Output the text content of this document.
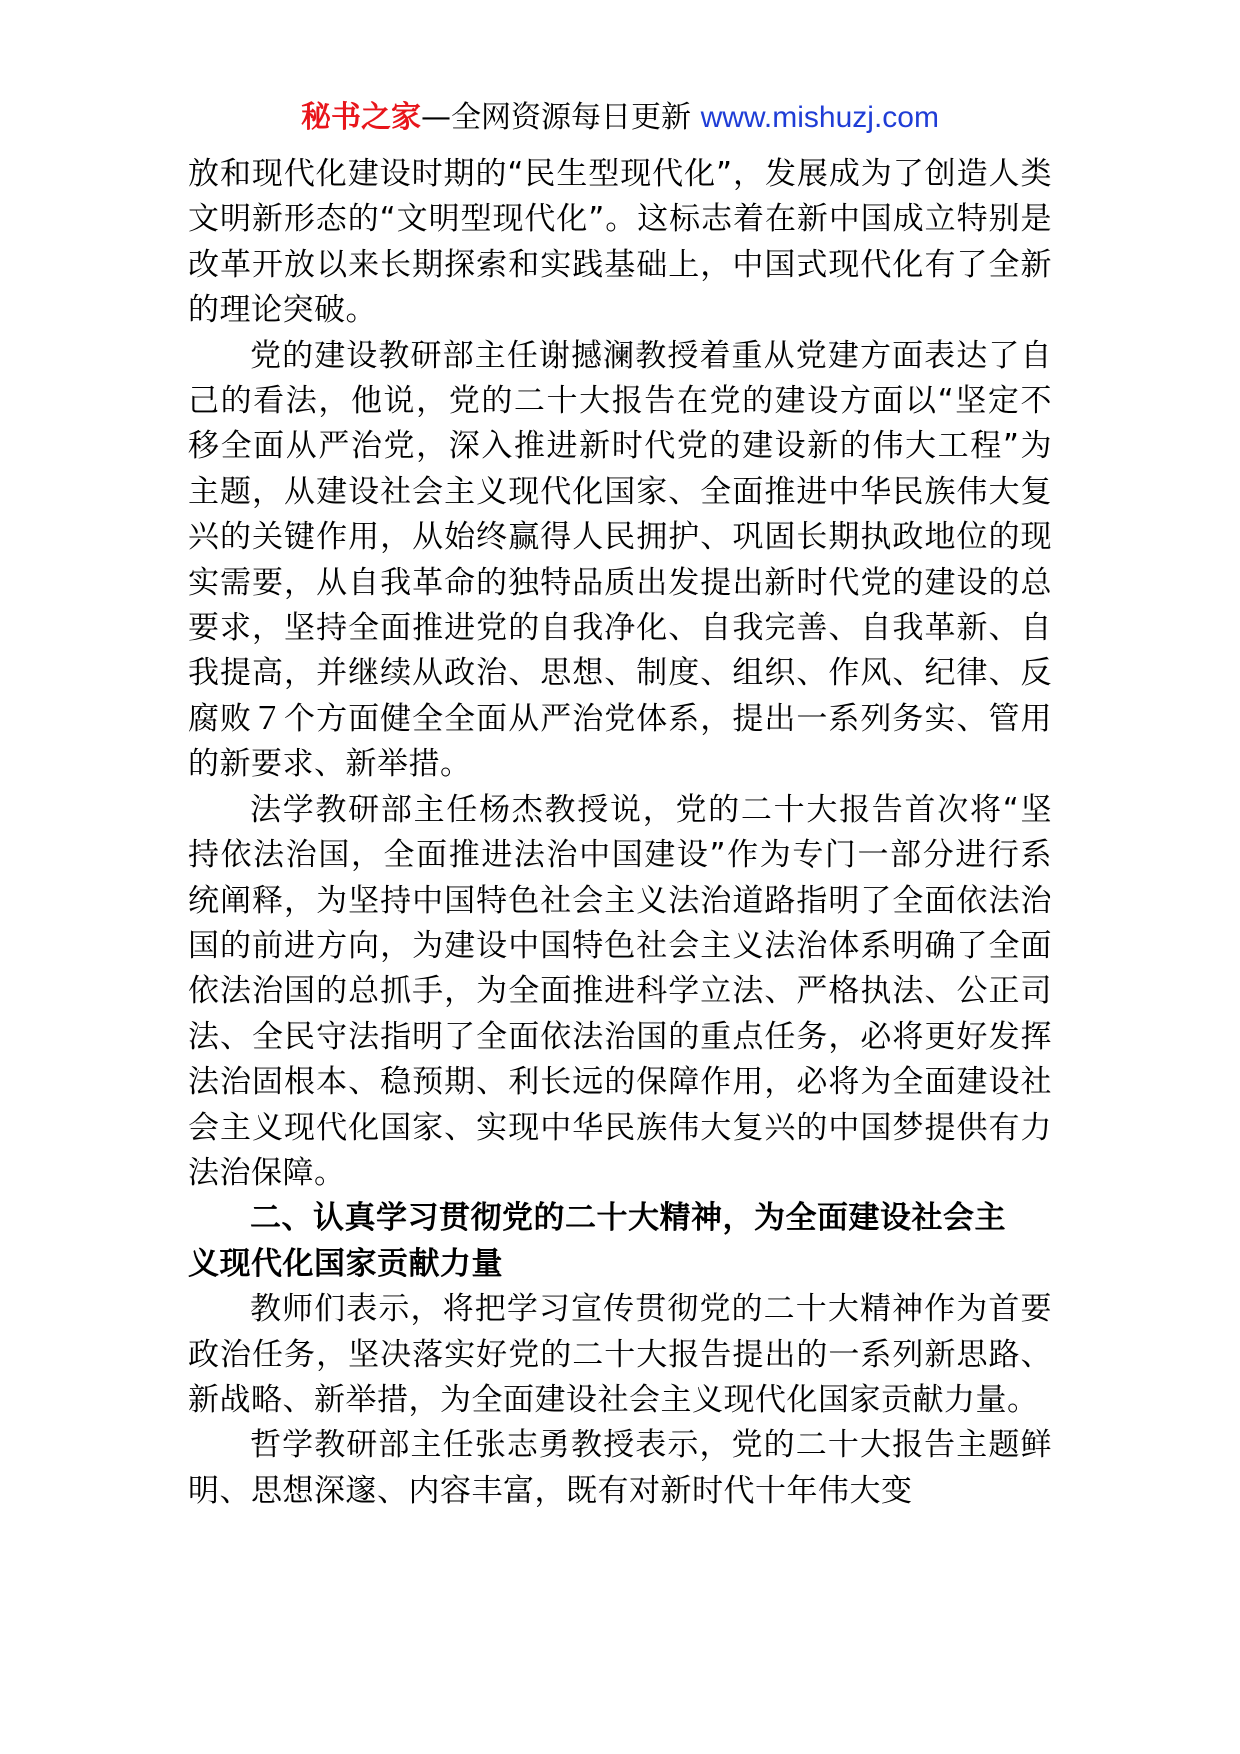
秘书之家—全网资源每日更新 www.mishuzj.com

放和现代化建设时期的“民生型现代化”，发展成为了创造人类文明新形态的“文明型现代化”。这标志着在新中国成立特别是改革开放以来长期探索和实践基础上，中国式现代化有了全新的理论突破。

党的建设教研部主任谢撼澜教授着重从党建方面表达了自己的看法，他说，党的二十大报告在党的建设方面以“坚定不移全面从严治党，深入推进新时代党的建设新的伟大工程”为主题，从建设社会主义现代化国家、全面推进中华民族伟大复兴的关键作用，从始终赢得人民拥护、巩固长期执政地位的现实需要，从自我革命的独特品质出发提出新时代党的建设的总要求，坚持全面推进党的自我净化、自我完善、自我革新、自我提高，并继续从政治、思想、制度、组织、作风、纪律、反腐败７个方面健全全面从严治党体系，提出一系列务实、管用的新要求、新举措。

法学教研部主任杨杰教授说，党的二十大报告首次将“坚持依法治国，全面推进法治中国建设”作为专门一部分进行系统阐释，为坚持中国特色社会主义法治道路指明了全面依法治国的前进方向，为建设中国特色社会主义法治体系明确了全面依法治国的总抓手，为全面推进科学立法、严格执法、公正司法、全民守法指明了全面依法治国的重点任务，必将更好发挥法治固根本、稳预期、利长远的保障作用，必将为全面建设社会主义现代化国家、实现中华民族伟大复兴的中国梦提供有力法治保障。

二、认真学习贯彻党的二十大精神，为全面建设社会主义现代化国家贡献力量

教师们表示，将把学习宣传贯彻党的二十大精神作为首要政治任务，坚决落实好党的二十大报告提出的一系列新思路、新战略、新举措，为全面建设社会主义现代化国家贡献力量。

哲学教研部主任张志勇教授表示，党的二十大报告主题鲜明、思想深邃、内容丰富，既有对新时代十年伟大变
